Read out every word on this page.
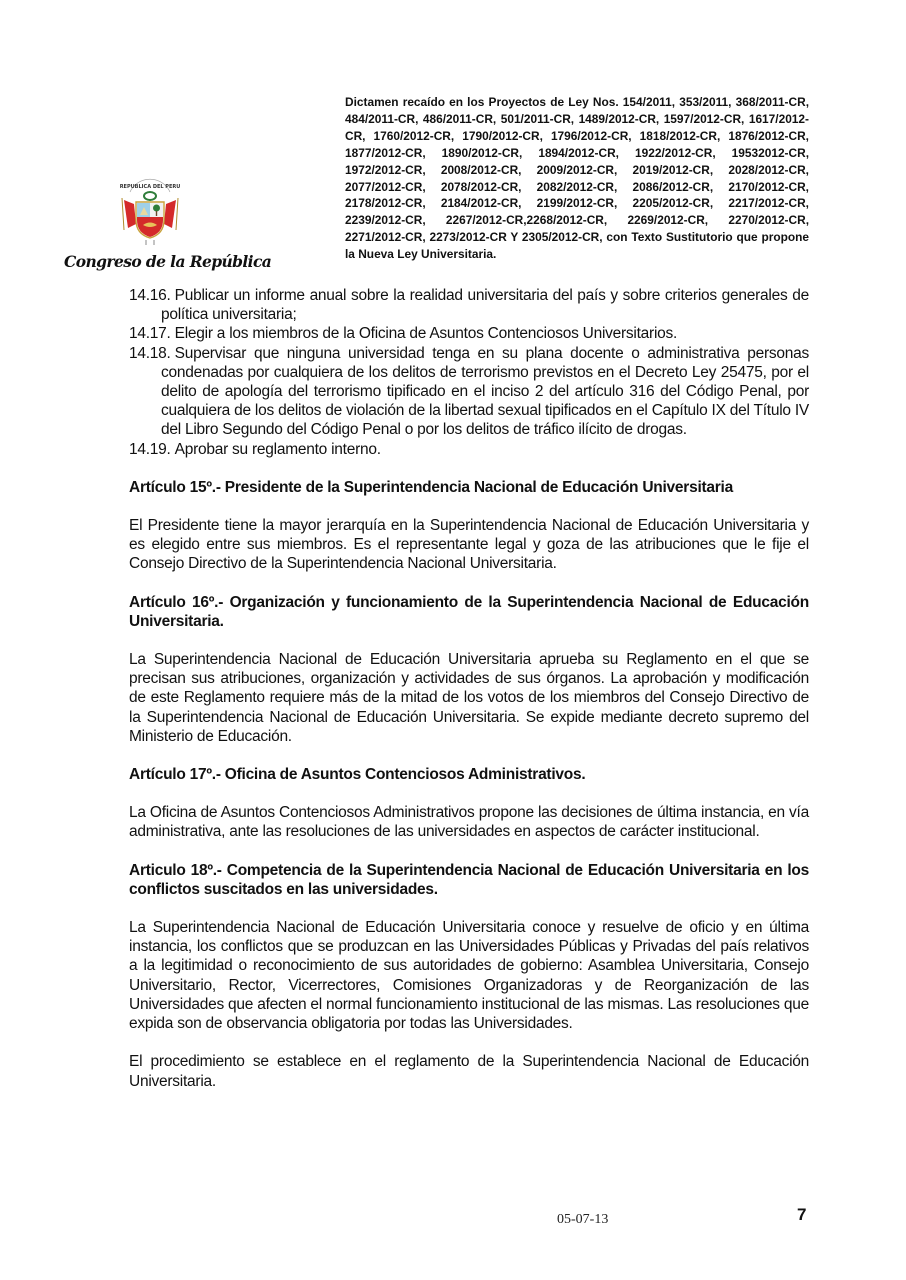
REPUBLICA DEL PERU
Congreso de la República
Dictamen recaído en los Proyectos de Ley Nos. 154/2011, 353/2011, 368/2011-CR, 484/2011-CR, 486/2011-CR, 501/2011-CR, 1489/2012-CR, 1597/2012-CR, 1617/2012-CR, 1760/2012-CR, 1790/2012-CR, 1796/2012-CR, 1818/2012-CR, 1876/2012-CR, 1877/2012-CR, 1890/2012-CR, 1894/2012-CR, 1922/2012-CR, 19532012-CR, 1972/2012-CR, 2008/2012-CR, 2009/2012-CR, 2019/2012-CR, 2028/2012-CR, 2077/2012-CR, 2078/2012-CR, 2082/2012-CR, 2086/2012-CR, 2170/2012-CR, 2178/2012-CR, 2184/2012-CR, 2199/2012-CR, 2205/2012-CR, 2217/2012-CR, 2239/2012-CR, 2267/2012-CR,2268/2012-CR, 2269/2012-CR, 2270/2012-CR, 2271/2012-CR, 2273/2012-CR Y 2305/2012-CR, con Texto Sustitutorio que propone la Nueva Ley Universitaria.

14.16. Publicar un informe anual sobre la realidad universitaria del país y sobre criterios generales de política universitaria;

14.17. Elegir a los miembros de la Oficina de Asuntos Contenciosos Universitarios.

14.18. Supervisar que ninguna universidad tenga en su plana docente o administrativa personas condenadas por cualquiera de los delitos de terrorismo previstos en el Decreto Ley 25475, por el delito de apología del terrorismo tipificado en el inciso 2 del artículo 316 del Código Penal, por cualquiera de los delitos de violación de la libertad sexual tipificados en el Capítulo IX del Título IV del Libro Segundo del Código Penal o por los delitos de tráfico ilícito de drogas.

14.19. Aprobar su reglamento interno.

Artículo 15º.- Presidente de la Superintendencia Nacional de Educación Universitaria

El Presidente tiene la mayor jerarquía en la Superintendencia Nacional de Educación Universitaria y es elegido entre sus miembros. Es el representante legal y goza de las atribuciones que le fije el Consejo Directivo de la Superintendencia Nacional Universitaria.

Artículo 16º.- Organización y funcionamiento de la Superintendencia Nacional de Educación Universitaria.

La Superintendencia Nacional de Educación Universitaria aprueba su Reglamento en el que se precisan sus atribuciones, organización y actividades de sus órganos. La aprobación y modificación de este Reglamento requiere más de la mitad de los votos de los miembros del Consejo Directivo de la Superintendencia Nacional de Educación Universitaria. Se expide mediante decreto supremo del Ministerio de Educación.

Artículo 17º.- Oficina de Asuntos Contenciosos Administrativos.

La Oficina de Asuntos Contenciosos Administrativos propone las decisiones de última instancia, en vía administrativa, ante las resoluciones de las universidades en aspectos de carácter institucional.

Articulo 18º.- Competencia de la Superintendencia Nacional de Educación Universitaria en los conflictos suscitados en las universidades.

La Superintendencia Nacional de Educación Universitaria conoce y resuelve de oficio y en última instancia, los conflictos que se produzcan en las Universidades Públicas y Privadas del país relativos a la legitimidad o reconocimiento de sus autoridades de gobierno: Asamblea Universitaria, Consejo Universitario, Rector, Vicerrectores, Comisiones Organizadoras y de Reorganización de las Universidades que afecten el normal funcionamiento institucional de las mismas. Las resoluciones que expida son de observancia obligatoria por todas las Universidades.

El procedimiento se establece en el reglamento de la Superintendencia Nacional de Educación Universitaria.

05-07-13	7
